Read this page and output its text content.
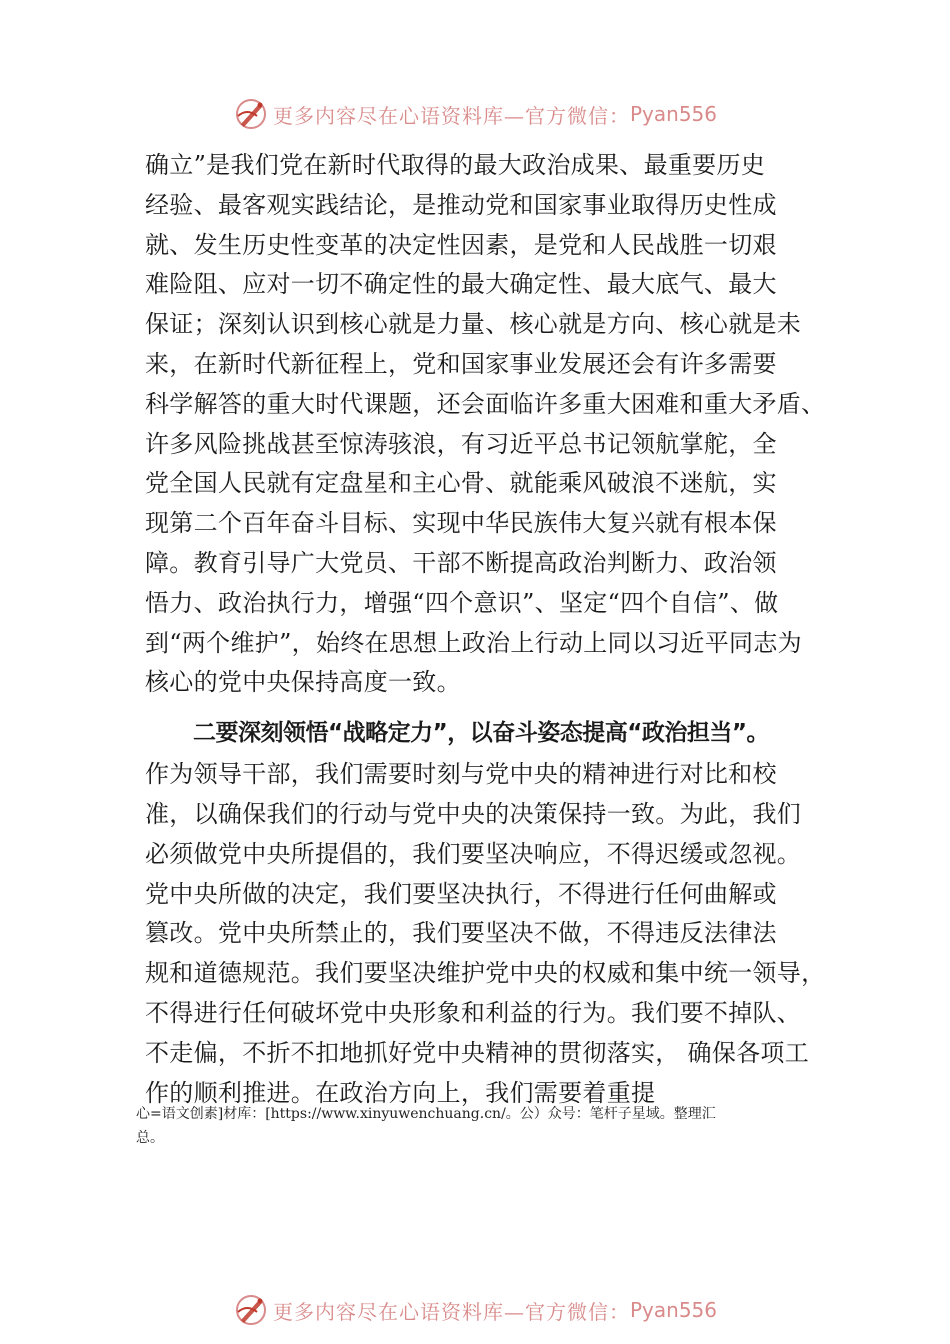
更多内容尽在心语资料库—官方微信： Pyan556
确立”是我们党在新时代取得的最大政治成果、最重要历史
经验、最客观实践结论，是推动党和国家事业取得历史性成
就、发生历史性变革的决定性因素，是党和人民战胜一切艰
难险阻、应对一切不确定性的最大确定性、最大底气、最大
保证；深刻认识到核心就是力量、核心就是方向、核心就是未
来，在新时代新征程上，党和国家事业发展还会有许多需要
科学解答的重大时代课题，还会面临许多重大困难和重大矛盾、
许多风险挑战甚至惊涛骇浪，有习近平总书记领航掌舵，全
党全国人民就有定盘星和主心骨、就能乘风破浪不迷航，实
现第二个百年奋斗目标、实现中华民族伟大复兴就有根本保
障。教育引导广大党员、干部不断提高政治判断力、政治领
悟力、政治执行力，增强“四个意识”、坚定“四个自信”、做
到“两个维护”，始终在思想上政治上行动上同以习近平同志为
核心的党中央保持高度一致。
二要深刻领悟“战略定力”，以奋斗姿态提高“政治担当”。
作为领导干部，我们需要时刻与党中央的精神进行对比和校
准，以确保我们的行动与党中央的决策保持一致。为此，我们
必须做党中央所提倡的，我们要坚决响应，不得迟缓或忽视。
党中央所做的决定，我们要坚决执行，不得进行任何曲解或
篡改。党中央所禁止的，我们要坚决不做，不得违反法律法
规和道德规范。我们要坚决维护党中央的权威和集中统一领导，
不得进行任何破坏党中央形象和利益的行为。我们要不掉队、
不走偏，不折不扣地抓好党中央精神的贯彻落实， 确保各项工
作的顺利推进。在政治方向上，我们需要着重提
心=语文创素]材库：[https://www.xinyuwenchuang.cn/。公）众号：笔杆子星域。整理汇
总。
更多内容尽在心语资料库—官方微信： Pyan556
